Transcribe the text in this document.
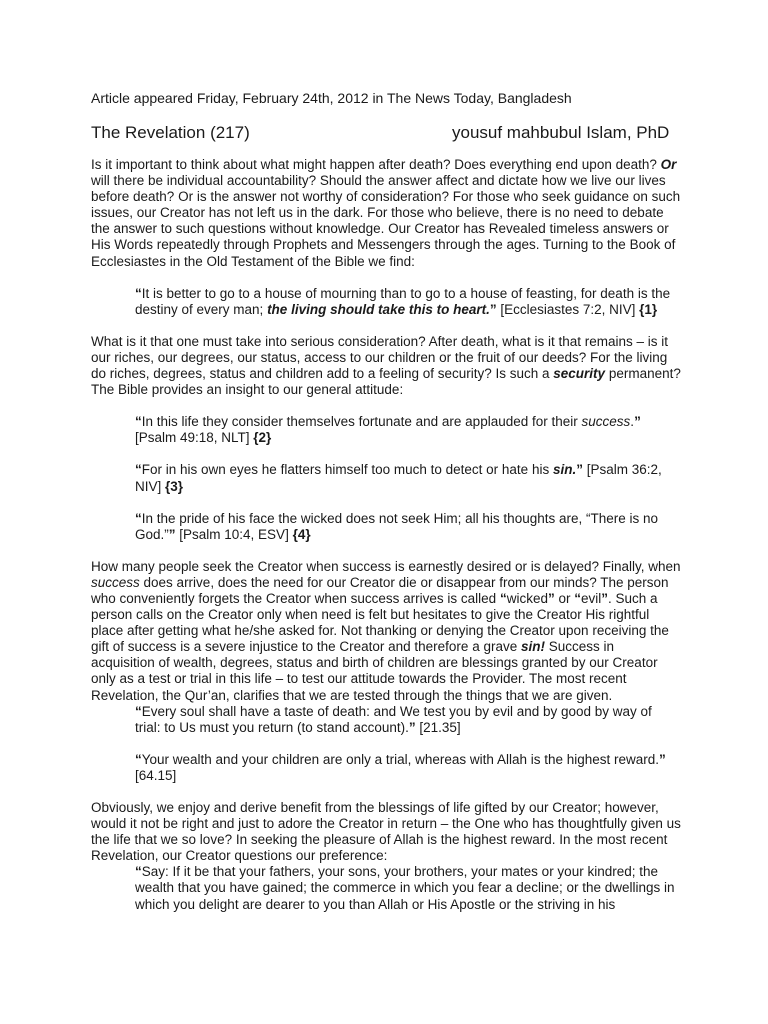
Article appeared Friday, February 24th, 2012 in The News Today, Bangladesh
The Revelation (217)	yousuf mahbubul Islam, PhD

Is it important to think about what might happen after death? Does everything end upon death? Or will there be individual accountability? Should the answer affect and dictate how we live our lives before death? Or is the answer not worthy of consideration? For those who seek guidance on such issues, our Creator has not left us in the dark. For those who believe, there is no need to debate the answer to such questions without knowledge. Our Creator has Revealed timeless answers or His Words repeatedly through Prophets and Messengers through the ages. Turning to the Book of Ecclesiastes in the Old Testament of the Bible we find:

“It is better to go to a house of mourning than to go to a house of feasting, for death is the destiny of every man; the living should take this to heart.” [Ecclesiastes 7:2, NIV] {1}

What is it that one must take into serious consideration? After death, what is it that remains – is it our riches, our degrees, our status, access to our children or the fruit of our deeds? For the living do riches, degrees, status and children add to a feeling of security? Is such a security permanent? The Bible provides an insight to our general attitude:

“In this life they consider themselves fortunate and are applauded for their success.” [Psalm 49:18, NLT] {2}

“For in his own eyes he flatters himself too much to detect or hate his sin.” [Psalm 36:2, NIV] {3}

“In the pride of his face the wicked does not seek Him; all his thoughts are, “There is no God.”” [Psalm 10:4, ESV] {4}

How many people seek the Creator when success is earnestly desired or is delayed? Finally, when success does arrive, does the need for our Creator die or disappear from our minds? The person who conveniently forgets the Creator when success arrives is called “wicked” or “evil”. Such a person calls on the Creator only when need is felt but hesitates to give the Creator His rightful place after getting what he/she asked for. Not thanking or denying the Creator upon receiving the gift of success is a severe injustice to the Creator and therefore a grave sin! Success in acquisition of wealth, degrees, status and birth of children are blessings granted by our Creator only as a test or trial in this life – to test our attitude towards the Provider. The most recent Revelation, the Qur’an, clarifies that we are tested through the things that we are given.

“Every soul shall have a taste of death: and We test you by evil and by good by way of trial: to Us must you return (to stand account).” [21.35]

“Your wealth and your children are only a trial, whereas with Allah is the highest reward.” [64.15]

Obviously, we enjoy and derive benefit from the blessings of life gifted by our Creator; however, would it not be right and just to adore the Creator in return – the One who has thoughtfully given us the life that we so love? In seeking the pleasure of Allah is the highest reward. In the most recent Revelation, our Creator questions our preference:

“Say: If it be that your fathers, your sons, your brothers, your mates or your kindred; the wealth that you have gained; the commerce in which you fear a decline; or the dwellings in which you delight are dearer to you than Allah or His Apostle or the striving in his
